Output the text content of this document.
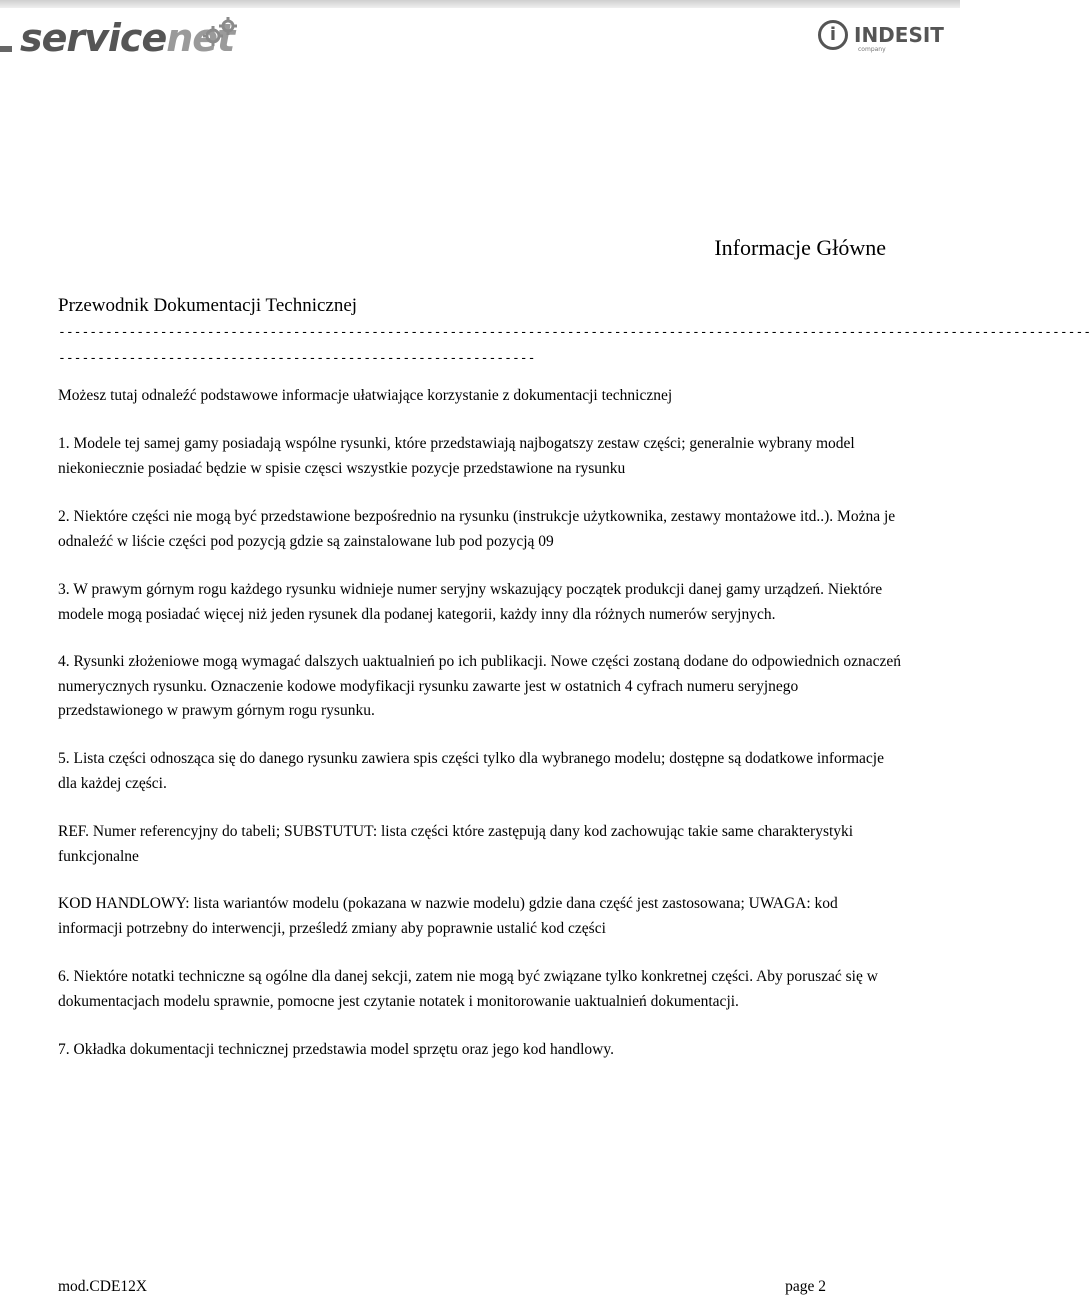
servicenet	i INDESIT
company
Informacje Główne
Przewodnik Dokumentacji Technicznej
------------------------------------------------------------------------------------------------------------------------------------
-------------------------------------------------------------

Możesz tutaj odnaleźć podstawowe informacje ułatwiające korzystanie z dokumentacji technicznej

1. Modele tej samej gamy posiadają wspólne rysunki, które przedstawiają najbogatszy zestaw części; generalnie wybrany model niekoniecznie posiadać będzie w spisie częsci wszystkie pozycje przedstawione na rysunku

2. Niektóre części nie mogą być przedstawione bezpośrednio na rysunku (instrukcje użytkownika, zestawy montażowe itd..). Można je odnaleźć w liście części pod pozycją gdzie są zainstalowane lub pod pozycją 09

3. W prawym górnym rogu każdego rysunku widnieje numer seryjny wskazujący początek produkcji danej gamy urządzeń. Niektóre modele mogą posiadać więcej niż jeden rysunek dla podanej kategorii, każdy inny dla różnych numerów seryjnych.

4. Rysunki złożeniowe mogą wymagać dalszych uaktualnień po ich publikacji. Nowe części zostaną dodane do odpowiednich oznaczeń numerycznych rysunku. Oznaczenie kodowe modyfikacji rysunku zawarte jest w ostatnich 4 cyfrach numeru seryjnego przedstawionego w prawym górnym rogu rysunku.

5. Lista części odnosząca się do danego rysunku zawiera spis części tylko dla wybranego modelu; dostępne są dodatkowe informacje dla każdej części.

REF. Numer referencyjny do tabeli; SUBSTUTUT: lista części które zastępują dany kod zachowując takie same charakterystyki funkcjonalne

KOD HANDLOWY: lista wariantów modelu (pokazana w nazwie modelu) gdzie dana część jest zastosowana; UWAGA: kod informacji potrzebny do interwencji, prześledź zmiany aby poprawnie ustalić kod części

6. Niektóre notatki techniczne są ogólne dla danej sekcji, zatem nie mogą być związane tylko konkretnej części. Aby poruszać się w dokumentacjach modelu sprawnie, pomocne jest czytanie notatek i monitorowanie uaktualnień dokumentacji.

7. Okładka dokumentacji technicznej przedstawia model sprzętu oraz jego kod handlowy.

mod.CDE12X	page 2
